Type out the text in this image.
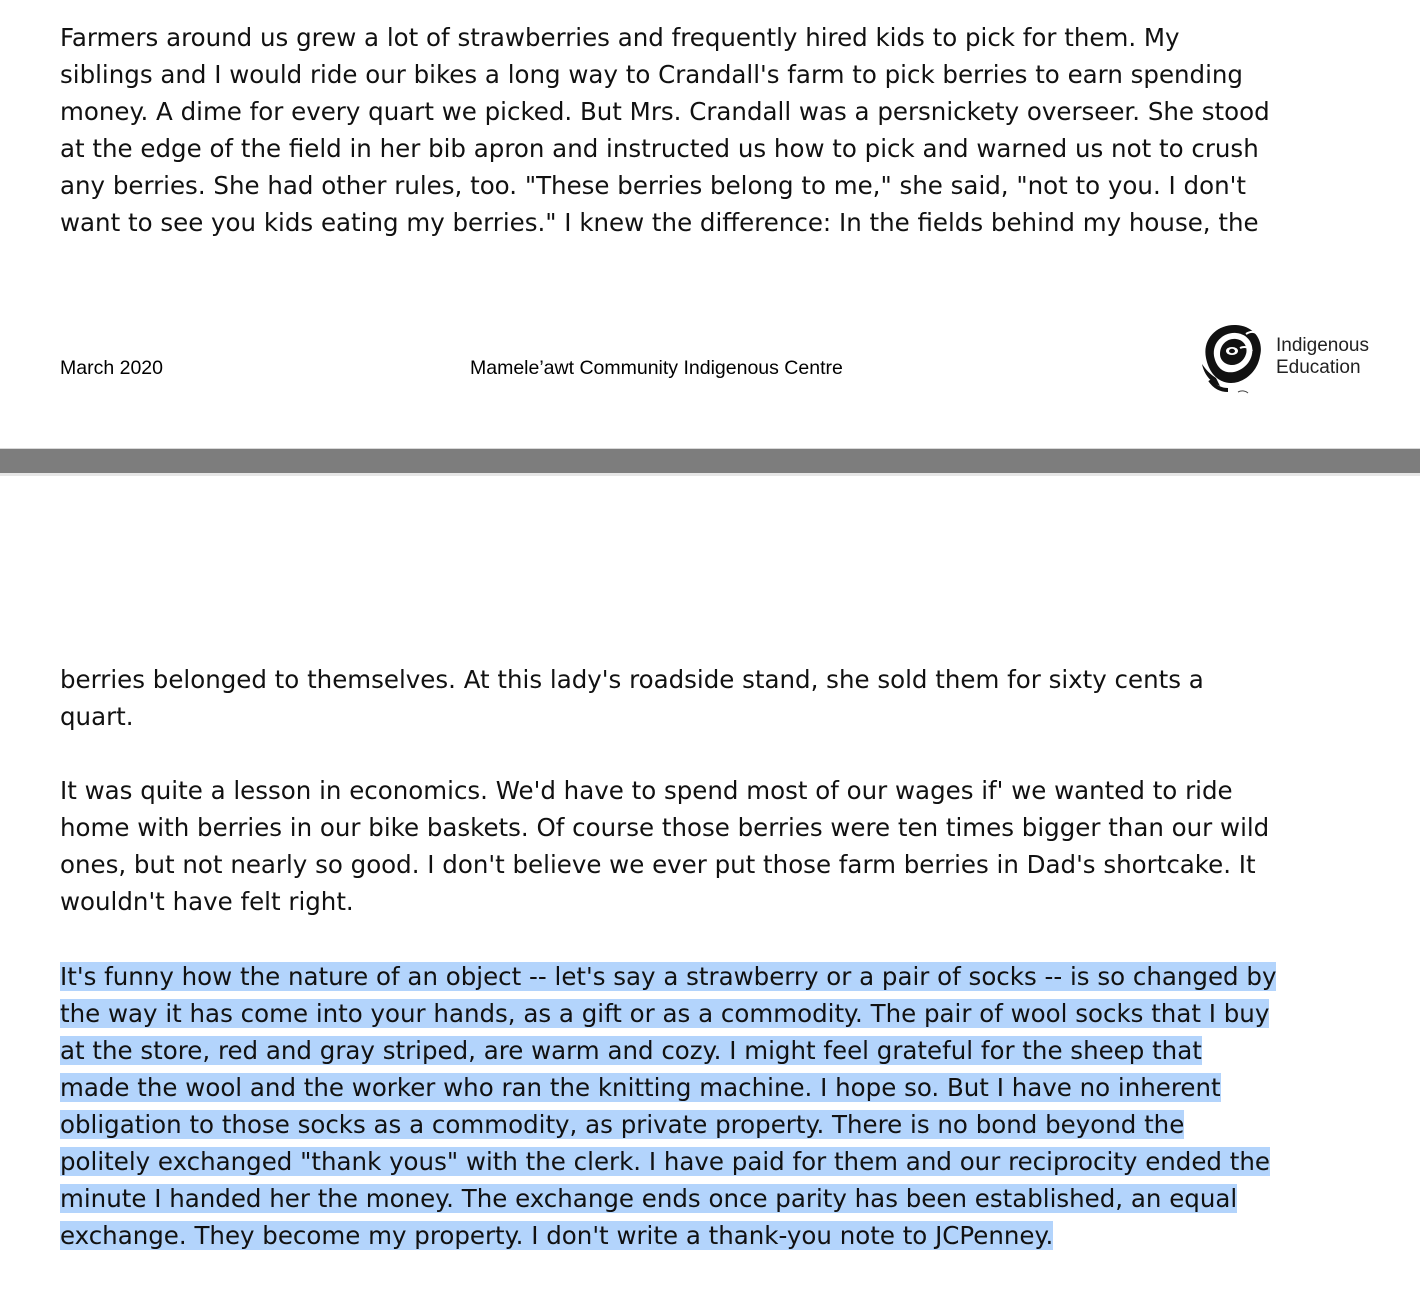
Farmers around us grew a lot of strawberries and frequently hired kids to pick for them. My
siblings and I would ride our bikes a long way to Crandall's farm to pick berries to earn spending
money. A dime for every quart we picked. But Mrs. Crandall was a persnickety overseer. She stood
at the edge of the field in her bib apron and instructed us how to pick and warned us not to crush
any berries. She had other rules, too. "These berries belong to me," she said, "not to you. I don't
want to see you kids eating my berries." I knew the difference: In the fields behind my house, the

March 2020	Mamele’awt Community Indigenous Centre
Indigenous
Education

berries belonged to themselves. At this lady's roadside stand, she sold them for sixty cents a
quart.

It was quite a lesson in economics. We'd have to spend most of our wages if' we wanted to ride
home with berries in our bike baskets. Of course those berries were ten times bigger than our wild
ones, but not nearly so good. I don't believe we ever put those farm berries in Dad's shortcake. It
wouldn't have felt right.

It's funny how the nature of an object -- let's say a strawberry or a pair of socks -- is so changed by
the way it has come into your hands, as a gift or as a commodity. The pair of wool socks that I buy
at the store, red and gray striped, are warm and cozy. I might feel grateful for the sheep that
made the wool and the worker who ran the knitting machine. I hope so. But I have no inherent
obligation to those socks as a commodity, as private property. There is no bond beyond the
politely exchanged "thank yous" with the clerk. I have paid for them and our reciprocity ended the
minute I handed her the money. The exchange ends once parity has been established, an equal
exchange. They become my property. I don't write a thank-you note to JCPenney.
